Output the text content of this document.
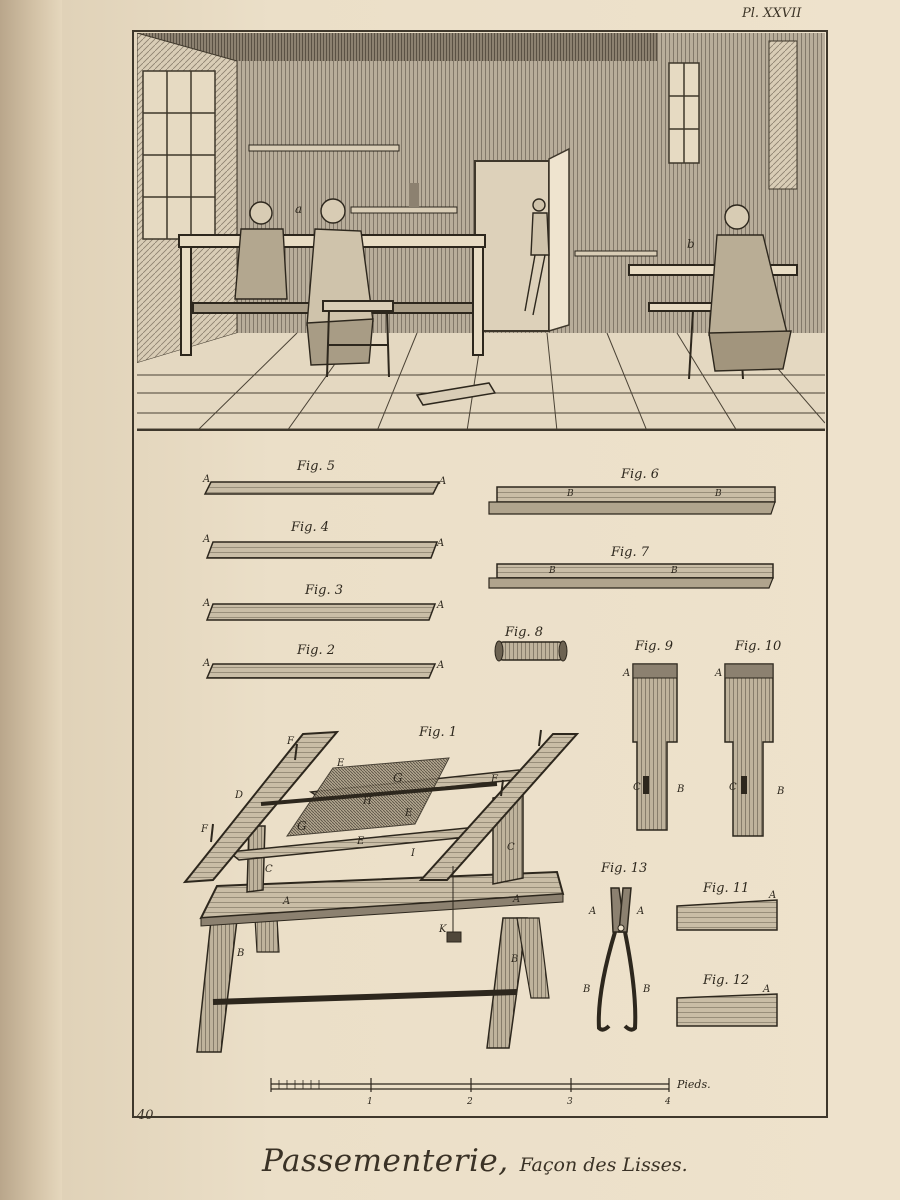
Pl. XXVII
a
b
Fig. 5
A	A
Fig. 4
A	A
Fig. 3
A	A
Fig. 2
A	A
Fig. 6
B	B
Fig. 7
B	B
Fig. 8
Fig. 9
A
C	B
Fig. 10
A
C	B
Fig. 1
F
D
F
F
E
G
H
E
G
E
I
C
C
A	A
K
B
B
Fig. 13
A	A
B	B
Fig. 11 A
Fig. 12
A
1	2	3	4
Pieds.
40
Passementerie, Façon des Lisses.
